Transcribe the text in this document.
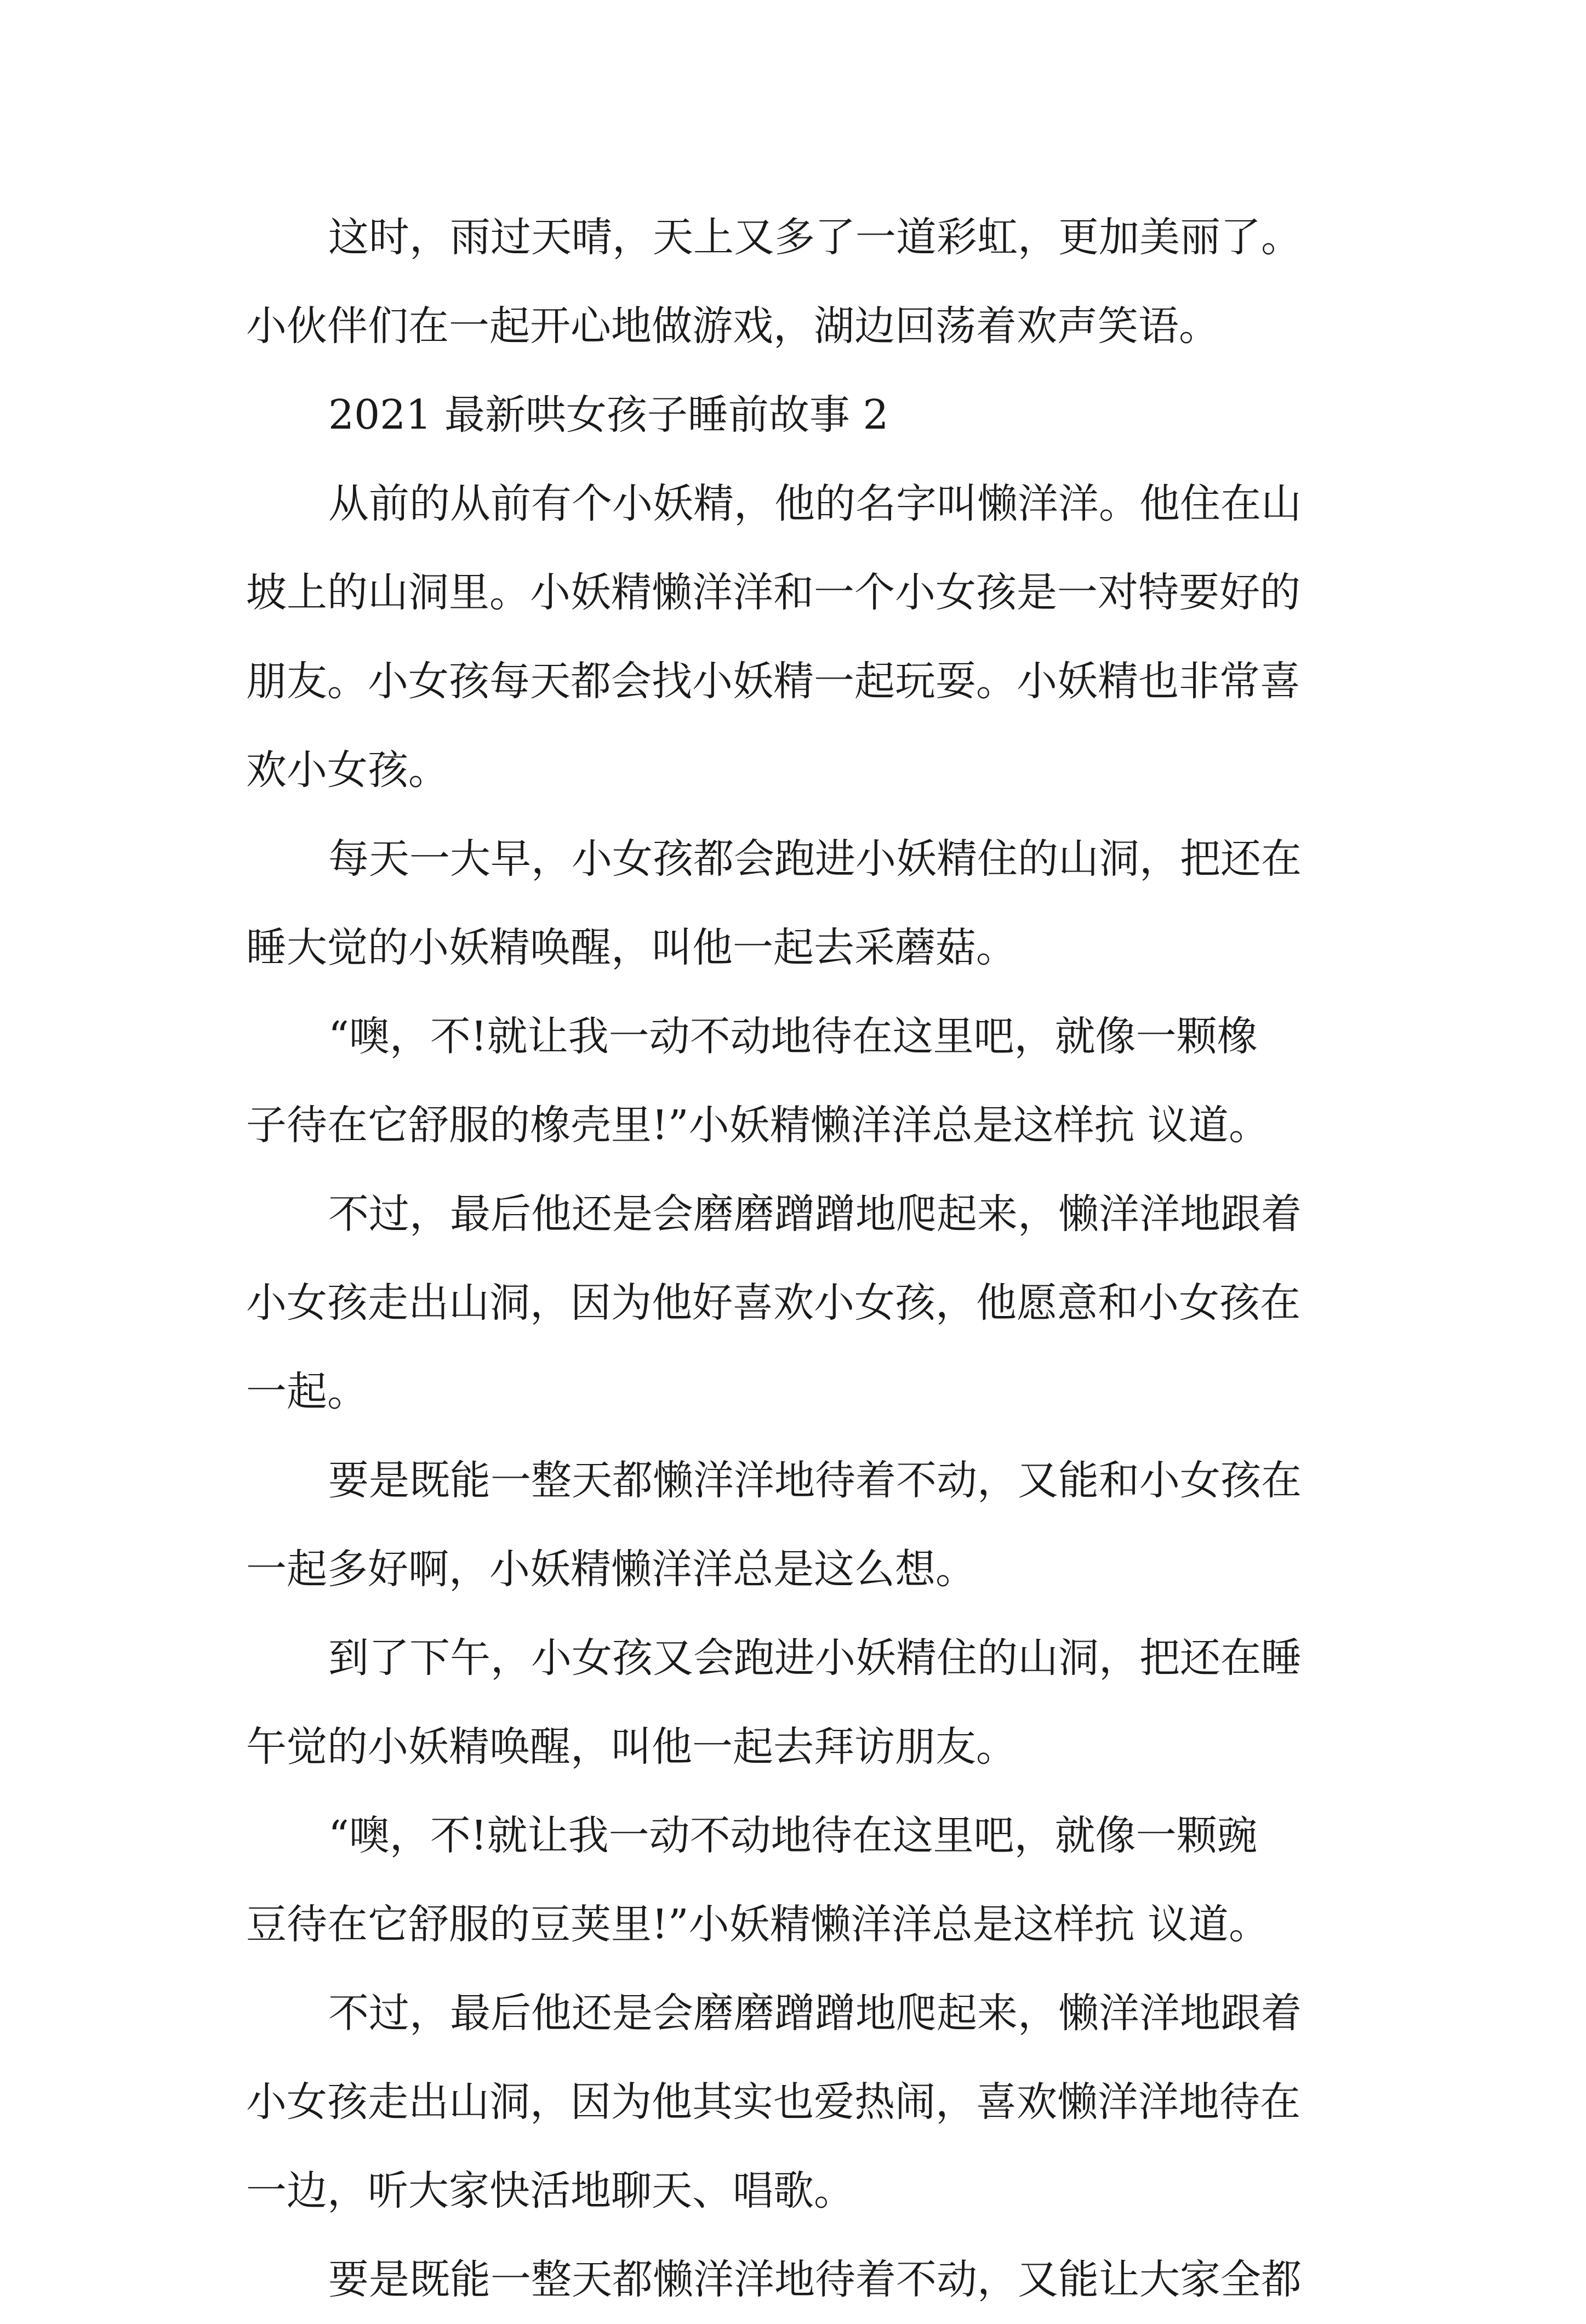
这时，雨过天晴，天上又多了一道彩虹，更加美丽了。
小伙伴们在一起开心地做游戏，湖边回荡着欢声笑语。
2021 最新哄女孩子睡前故事 2
从前的从前有个小妖精，他的名字叫懒洋洋。他住在山
坡上的山洞里。小妖精懒洋洋和一个小女孩是一对特要好的
朋友。小女孩每天都会找小妖精一起玩耍。小妖精也非常喜
欢小女孩。
每天一大早，小女孩都会跑进小妖精住的山洞，把还在
睡大觉的小妖精唤醒，叫他一起去采蘑菇。
“噢，不!就让我一动不动地待在这里吧，就像一颗橡
子待在它舒服的橡壳里!”小妖精懒洋洋总是这样抗 议道。
不过，最后他还是会磨磨蹭蹭地爬起来，懒洋洋地跟着
小女孩走出山洞，因为他好喜欢小女孩，他愿意和小女孩在
一起。
要是既能一整天都懒洋洋地待着不动，又能和小女孩在
一起多好啊，小妖精懒洋洋总是这么想。
到了下午，小女孩又会跑进小妖精住的山洞，把还在睡
午觉的小妖精唤醒，叫他一起去拜访朋友。
“噢，不!就让我一动不动地待在这里吧，就像一颗豌
豆待在它舒服的豆荚里!”小妖精懒洋洋总是这样抗 议道。
不过，最后他还是会磨磨蹭蹭地爬起来，懒洋洋地跟着
小女孩走出山洞，因为他其实也爱热闹，喜欢懒洋洋地待在
一边，听大家快活地聊天、唱歌。
要是既能一整天都懒洋洋地待着不动，又能让大家全都
